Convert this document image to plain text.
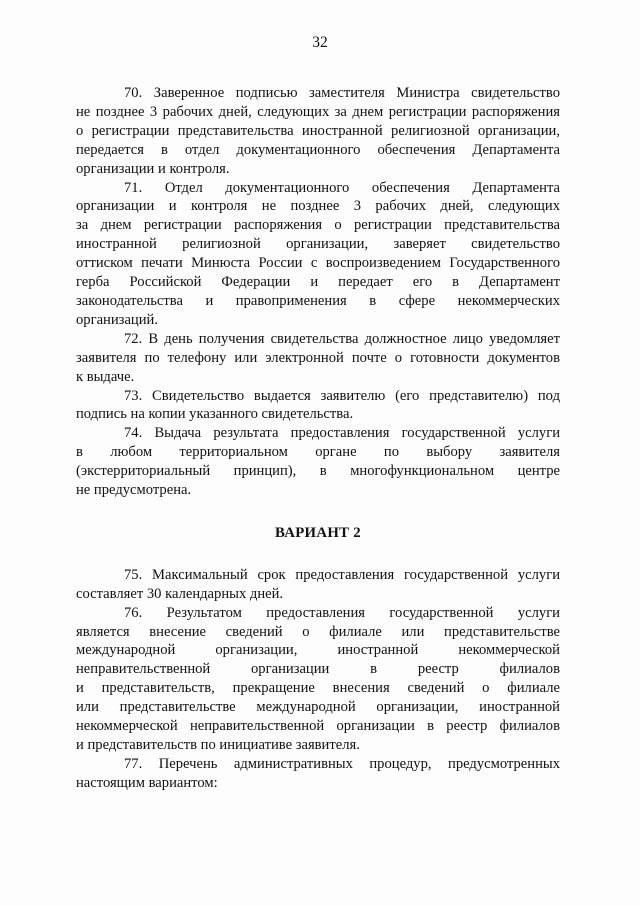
32
70. Заверенное подписью заместителя Министра свидетельство
не позднее 3 рабочих дней, следующих за днем регистрации распоряжения
о регистрации представительства иностранной религиозной организации,
передается в отдел документационного обеспечения Департамента
организации и контроля.
71. Отдел документационного обеспечения Департамента
организации и контроля не позднее 3 рабочих дней, следующих
за днем регистрации распоряжения о регистрации представительства
иностранной религиозной организации, заверяет свидетельство
оттиском печати Минюста России с воспроизведением Государственного
герба Российской Федерации и передает его в Департамент
законодательства и правоприменения в сфере некоммерческих
организаций.
72. В день получения свидетельства должностное лицо уведомляет
заявителя по телефону или электронной почте о готовности документов
к выдаче.
73. Свидетельство выдается заявителю (его представителю) под
подпись на копии указанного свидетельства.
74. Выдача результата предоставления государственной услуги
в любом территориальном органе по выбору заявителя
(экстерриториальный принцип), в многофункциональном центре
не предусмотрена.
ВАРИАНТ 2
75. Максимальный срок предоставления государственной услуги
составляет 30 календарных дней.
76. Результатом предоставления государственной услуги
является внесение сведений о филиале или представительстве
международной организации, иностранной некоммерческой
неправительственной организации в реестр филиалов
и представительств, прекращение внесения сведений о филиале
или представительстве международной организации, иностранной
некоммерческой неправительственной организации в реестр филиалов
и представительств по инициативе заявителя.
77. Перечень административных процедур, предусмотренных
настоящим вариантом:
